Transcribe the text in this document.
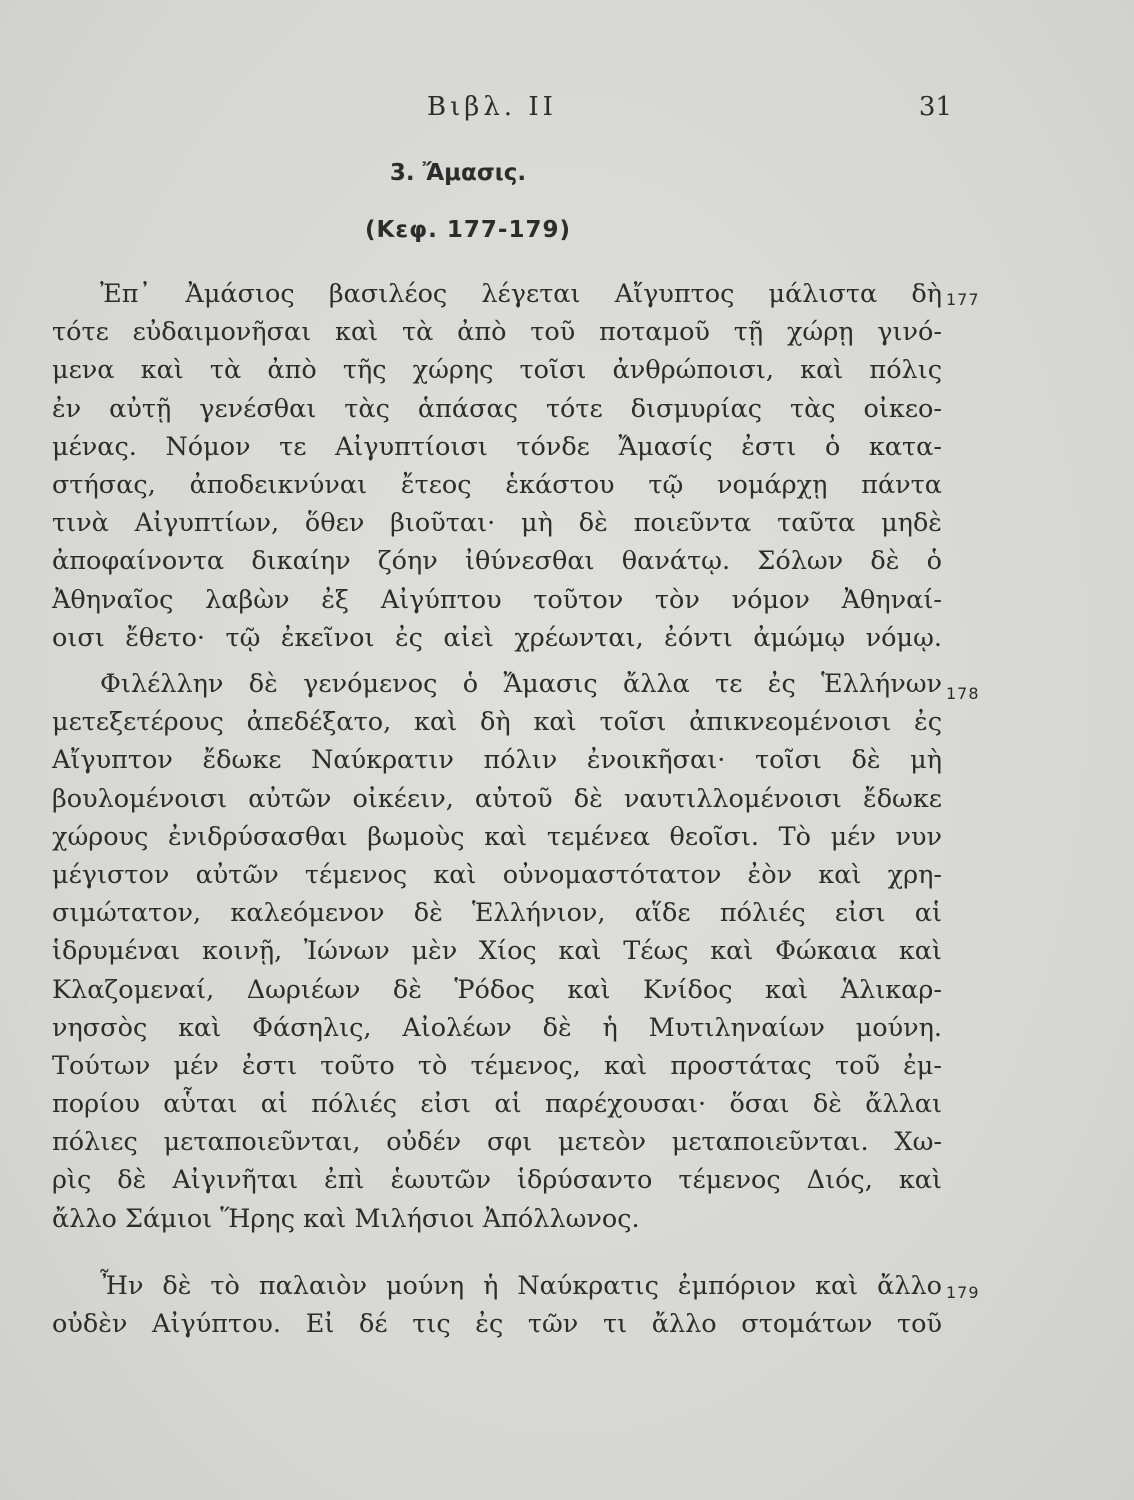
Βιβλ. II	31
3. Ἄμασις.
(Κεφ. 177-179)
Ἐπ᾽ Ἀμάσιος βασιλέος λέγεται Αἴγυπτος μάλιστα δὴ
τότε εὐδαιμονῆσαι καὶ τὰ ἀπὸ τοῦ ποταμοῦ τῇ χώρῃ γινό-
μενα καὶ τὰ ἀπὸ τῆς χώρης τοῖσι ἀνθρώποισι, καὶ πόλις
ἐν αὐτῇ γενέσθαι τὰς ἁπάσας τότε δισμυρίας τὰς οἰκεο-
μένας. Νόμον τε Αἰγυπτίοισι τόνδε Ἄμασίς ἐστι ὁ κατα-
στήσας, ἀποδεικνύναι ἔτεος ἑκάστου τῷ νομάρχῃ πάντα
τινὰ Αἰγυπτίων, ὅθεν βιοῦται· μὴ δὲ ποιεῦντα ταῦτα μηδὲ
ἀποφαίνοντα δικαίην ζόην ἰθύνεσθαι θανάτῳ. Σόλων δὲ ὁ
Ἀθηναῖος λαβὼν ἐξ Αἰγύπτου τοῦτον τὸν νόμον Ἀθηναί-
οισι ἔθετο· τῷ ἐκεῖνοι ἐς αἰεὶ χρέωνται, ἐόντι ἀμώμῳ νόμῳ.
Φιλέλλην δὲ γενόμενος ὁ Ἄμασις ἄλλα τε ἐς Ἑλλήνων
μετεξετέρους ἀπεδέξατο, καὶ δὴ καὶ τοῖσι ἀπικνεομένοισι ἐς
Αἴγυπτον ἔδωκε Ναύκρατιν πόλιν ἐνοικῆσαι· τοῖσι δὲ μὴ
βουλομένοισι αὐτῶν οἰκέειν, αὐτοῦ δὲ ναυτιλλομένοισι ἔδωκε
χώρους ἐνιδρύσασθαι βωμοὺς καὶ τεμένεα θεοῖσι. Τὸ μέν νυν
μέγιστον αὐτῶν τέμενος καὶ οὐνομαστότατον ἐὸν καὶ χρη-
σιμώτατον, καλεόμενον δὲ Ἑλλήνιον, αἵδε πόλιές εἰσι αἱ
ἱδρυμέναι κοινῇ, Ἰώνων μὲν Χίος καὶ Τέως καὶ Φώκαια καὶ
Κλαζομεναί, Δωριέων δὲ Ῥόδος καὶ Κνίδος καὶ Ἁλικαρ-
νησσὸς καὶ Φάσηλις, Αἰολέων δὲ ἡ Μυτιληναίων μούνη.
Τούτων μέν ἐστι τοῦτο τὸ τέμενος, καὶ προστάτας τοῦ ἐμ-
πορίου αὗται αἱ πόλιές εἰσι αἱ παρέχουσαι· ὅσαι δὲ ἄλλαι
πόλιες μεταποιεῦνται, οὐδέν σφι μετεὸν μεταποιεῦνται. Χω-
ρὶς δὲ Αἰγινῆται ἐπὶ ἑωυτῶν ἱδρύσαντο τέμενος Διός, καὶ
ἄλλο Σάμιοι Ἥρης καὶ Μιλήσιοι Ἀπόλλωνος.
Ἦν δὲ τὸ παλαιὸν μούνη ἡ Ναύκρατις ἐμπόριον καὶ ἄλλο
οὐδὲν Αἰγύπτου. Εἰ δέ τις ἐς τῶν τι ἄλλο στομάτων τοῦ
177
178
179
